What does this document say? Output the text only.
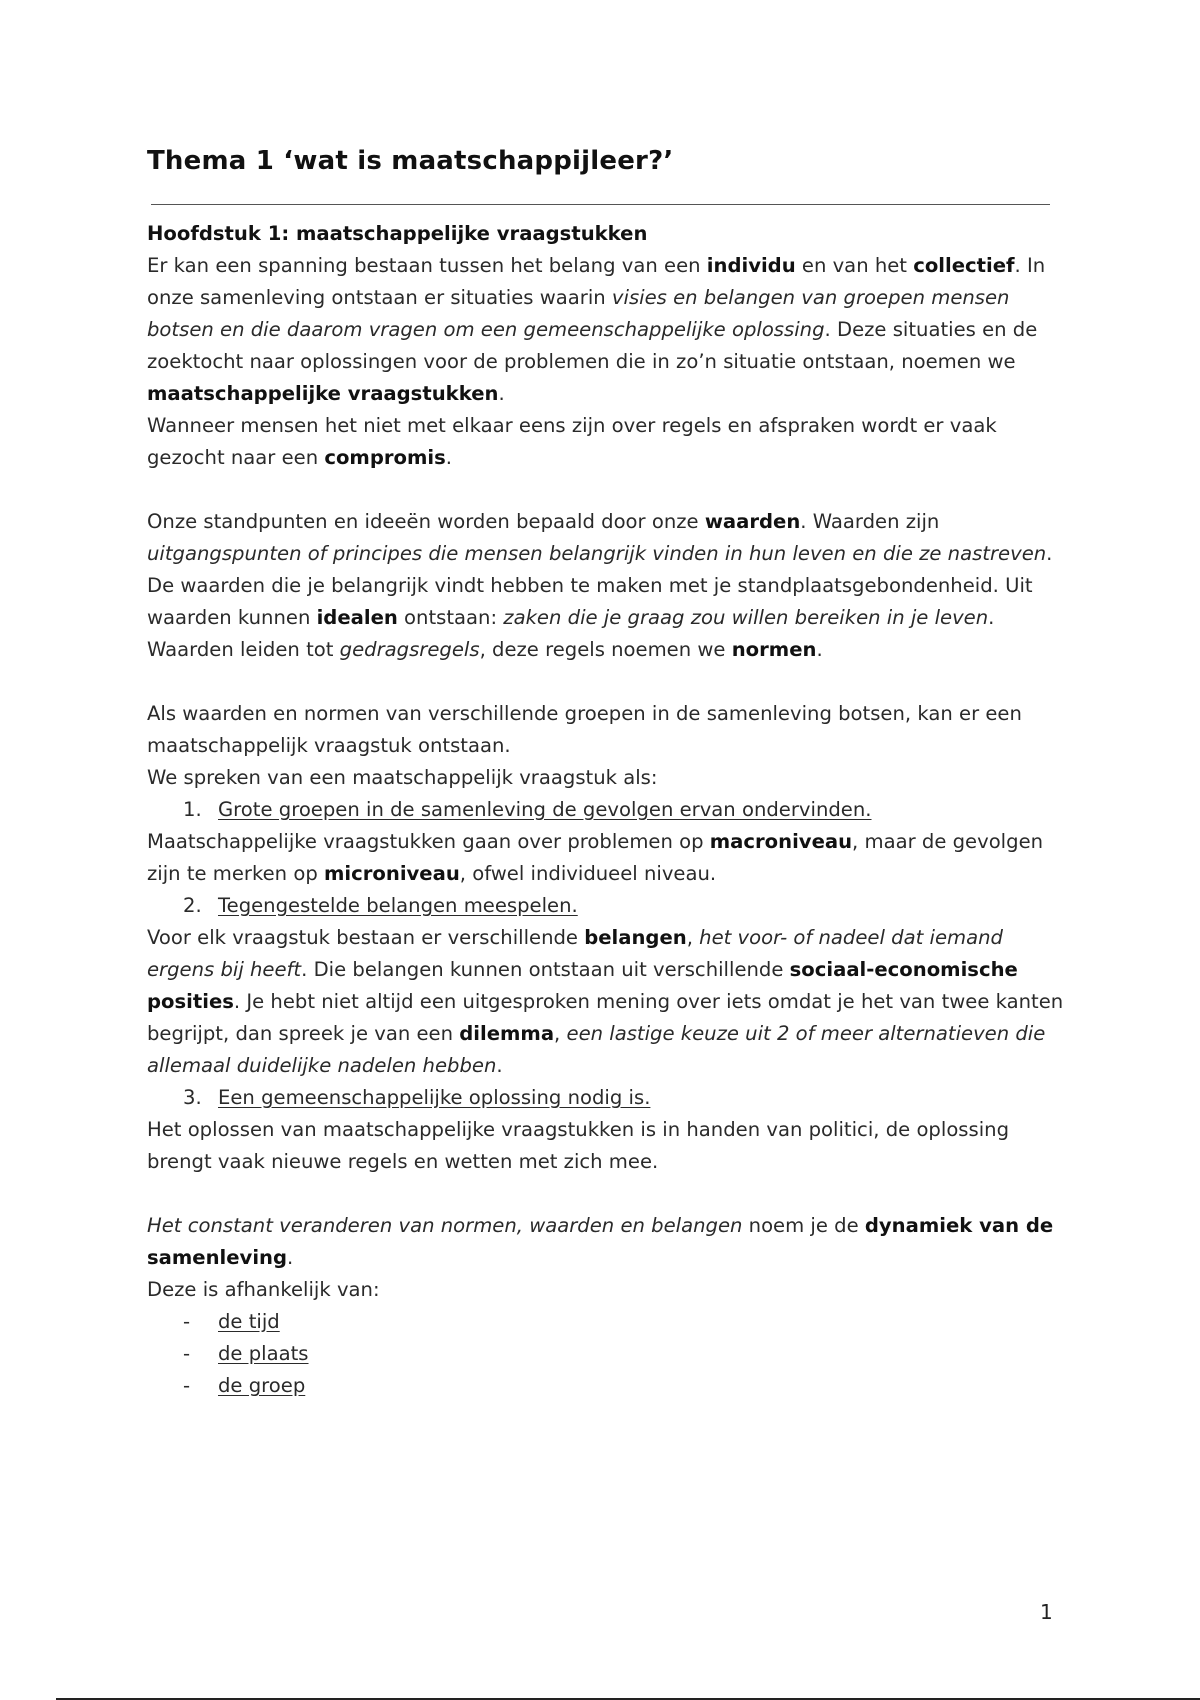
Thema 1 ‘wat is maatschappijleer?’

Hoofdstuk 1: maatschappelijke vraagstukken

Er kan een spanning bestaan tussen het belang van een individu en van het collectief. In onze samenleving ontstaan er situaties waarin visies en belangen van groepen mensen botsen en die daarom vragen om een gemeenschappelijke oplossing. Deze situaties en de zoektocht naar oplossingen voor de problemen die in zo’n situatie ontstaan, noemen we maatschappelijke vraagstukken.

Wanneer mensen het niet met elkaar eens zijn over regels en afspraken wordt er vaak gezocht naar een compromis.

Onze standpunten en ideeën worden bepaald door onze waarden. Waarden zijn uitgangspunten of principes die mensen belangrijk vinden in hun leven en die ze nastreven. De waarden die je belangrijk vindt hebben te maken met je standplaatsgebondenheid. Uit waarden kunnen idealen ontstaan: zaken die je graag zou willen bereiken in je leven. Waarden leiden tot gedragsregels, deze regels noemen we normen.

Als waarden en normen van verschillende groepen in de samenleving botsen, kan er een maatschappelijk vraagstuk ontstaan.

We spreken van een maatschappelijk vraagstuk als:

1. Grote groepen in de samenleving de gevolgen ervan ondervinden.

Maatschappelijke vraagstukken gaan over problemen op macroniveau, maar de gevolgen zijn te merken op microniveau, ofwel individueel niveau.

2. Tegengestelde belangen meespelen.

Voor elk vraagstuk bestaan er verschillende belangen, het voor- of nadeel dat iemand ergens bij heeft. Die belangen kunnen ontstaan uit verschillende sociaal-economische posities. Je hebt niet altijd een uitgesproken mening over iets omdat je het van twee kanten begrijpt, dan spreek je van een dilemma, een lastige keuze uit 2 of meer alternatieven die allemaal duidelijke nadelen hebben.

3. Een gemeenschappelijke oplossing nodig is.

Het oplossen van maatschappelijke vraagstukken is in handen van politici, de oplossing brengt vaak nieuwe regels en wetten met zich mee.

Het constant veranderen van normen, waarden en belangen noem je de dynamiek van de samenleving.

Deze is afhankelijk van:

- de tijd

- de plaats

- de groep

1
